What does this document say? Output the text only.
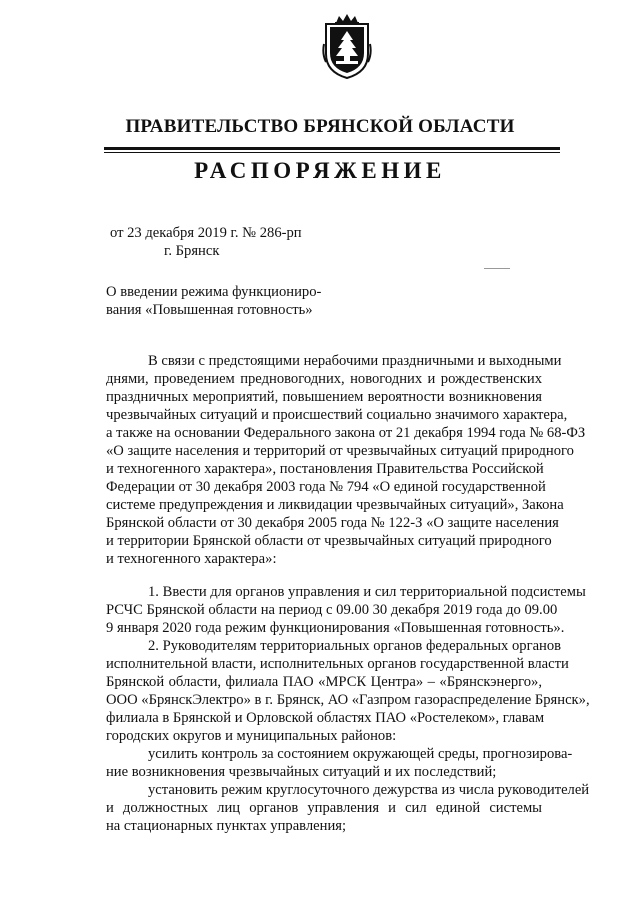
ПРАВИТЕЛЬСТВО БРЯНСКОЙ ОБЛАСТИ
РАСПОРЯЖЕНИЕ
от 23 декабря 2019 г. № 286-рп
г. Брянск
О введении режима функциониро-
вания «Повышенная готовность»
В связи с предстоящими нерабочими праздничными и выходными
днями, проведением предновогодних, новогодних и рождественских
праздничных мероприятий, повышением вероятности возникновения
чрезвычайных ситуаций и происшествий социально значимого характера,
а также на основании Федерального закона от 21 декабря 1994 года № 68-ФЗ
«О защите населения и территорий от чрезвычайных ситуаций природного
и техногенного характера», постановления Правительства Российской
Федерации от 30 декабря 2003 года № 794 «О единой государственной
системе предупреждения и ликвидации чрезвычайных ситуаций», Закона
Брянской области от 30 декабря 2005 года № 122-З «О защите населения
и территории Брянской области от чрезвычайных ситуаций природного
и техногенного характера»:
1. Ввести для органов управления и сил территориальной подсистемы
РСЧС Брянской области на период с 09.00 30 декабря 2019 года до 09.00
9 января 2020 года режим функционирования «Повышенная готовность».
2. Руководителям территориальных органов федеральных органов
исполнительной власти, исполнительных органов государственной власти
Брянской области, филиала ПАО «МРСК Центра» – «Брянскэнерго»,
ООО «БрянскЭлектро» в г. Брянск, АО «Газпром газораспределение Брянск»,
филиала в Брянской и Орловской областях ПАО «Ростелеком», главам
городских округов и муниципальных районов:
усилить контроль за состоянием окружающей среды, прогнозирова-
ние возникновения чрезвычайных ситуаций и их последствий;
установить режим круглосуточного дежурства из числа руководителей
и должностных лиц органов управления и сил единой системы
на стационарных пунктах управления;
